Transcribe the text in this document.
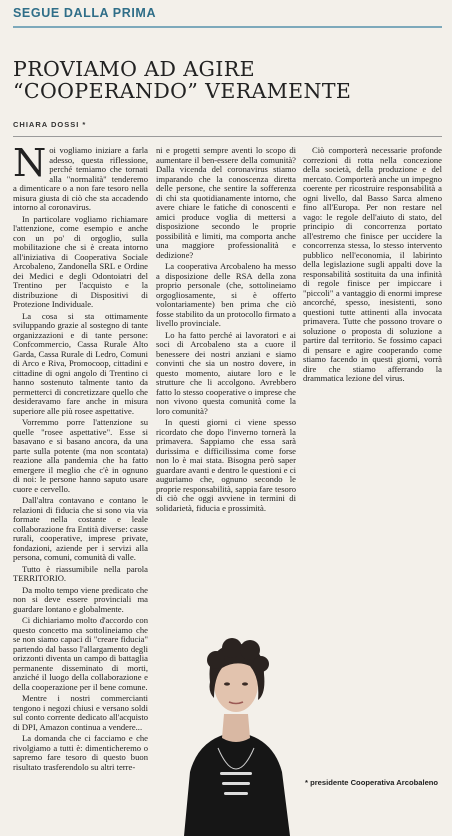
SEGUE DALLA PRIMA
PROVIAMO AD AGIRE
“COOPERANDO” VERAMENTE
CHIARA DOSSI *

Noi vogliamo iniziare a farla adesso, questa riflessione, perché temiamo che tornati alla "normalità" tenderemo a dimenticare o a non fare tesoro nella misura giusta di ciò che sta accadendo intorno al coronavirus.

In particolare vogliamo richiamare l'attenzione, come esempio e anche con un po' di orgoglio, sulla mobilitazione che si è creata intorno all'iniziativa di Cooperativa Sociale Arcobaleno, Zandonella SRL e Ordine dei Medici e degli Odontoiatri del Trentino per l'acquisto e la distribuzione di Dispositivi di Protezione Individuale.

La cosa si sta ottimamente sviluppando grazie al sostegno di tante organizzazioni e di tante persone: Confcommercio, Cassa Rurale Alto Garda, Cassa Rurale di Ledro, Comuni di Arco e Riva, Promocoop, cittadini e cittadine di ogni angolo di Trentino ci hanno sostenuto talmente tanto da permetterci di concretizzare quello che desideravamo fare anche in misura superiore alle più rosee aspettative.

Vorremmo porre l'attenzione su quelle "rosee aspettative". Esse si basavano e si basano ancora, da una parte sulla potente (ma non scontata) reazione alla pandemia che ha fatto emergere il meglio che c'è in ognuno di noi: le persone hanno saputo usare cuore e cervello.

Dall'altra contavano e contano le relazioni di fiducia che si sono via via formate nella costante e leale collaborazione fra Entità diverse: casse rurali, cooperative, imprese private, fondazioni, aziende per i servizi alla persona, comuni, comunità di valle.

Tutto è riassumibile nella parola TERRITORIO.

Da molto tempo viene predicato che non si deve essere provinciali ma guardare lontano e globalmente.

Ci dichiariamo molto d'accordo con questo concetto ma sottolineiamo che se non siamo capaci di "creare fiducia" partendo dal basso l'allargamento degli orizzonti diventa un campo di battaglia permanente disseminato di morti, anziché il luogo della collaborazione e della cooperazione per il bene comune.

Mentre i nostri commercianti tengono i negozi chiusi e versano soldi sul conto corrente dedicato all'acquisto di DPI, Amazon continua a vendere...

La domanda che ci facciamo e che rivolgiamo a tutti è: dimenticheremo o sapremo fare tesoro di questo buon risultato trasferendolo su altri terre-

ni e progetti sempre aventi lo scopo di aumentare il ben-essere della comunità? Dalla vicenda del coronavirus stiamo imparando che la conoscenza diretta delle persone, che sentire la sofferenza di chi sta quotidianamente intorno, che avere chiare le fatiche di conoscenti e amici produce voglia di mettersi a disposizione secondo le proprie possibilità e limiti, ma comporta anche una maggiore professionalità e dedizione?

La cooperativa Arcobaleno ha messo a disposizione delle RSA della zona proprio personale (che, sottolineiamo orgogliosamente, si è offerto volontariamente) ben prima che ciò fosse stabilito da un protocollo firmato a livello provinciale.

Lo ha fatto perché ai lavoratori e ai soci di Arcobaleno sta a cuore il benessere dei nostri anziani e siamo convinti che sia un nostro dovere, in questo momento, aiutare loro e le strutture che li accolgono. Avrebbero fatto lo stesso cooperative o imprese che non vivono questa comunità come la loro comunità?

In questi giorni ci viene spesso ricordato che dopo l'inverno tornerà la primavera. Sappiamo che essa sarà durissima e difficilissima come forse non lo è mai stata. Bisogna però saper guardare avanti e dentro le questioni e ci auguriamo che, ognuno secondo le proprie responsabilità, sappia fare tesoro di ciò che oggi avviene in termini di solidarietà, fiducia e prossimità.

Ciò comporterà necessarie profonde correzioni di rotta nella concezione della società, della produzione e del mercato. Comporterà anche un impegno coerente per ricostruire responsabilità a ogni livello, dal Basso Sarca almeno fino all'Europa. Per non restare nel vago: le regole dell'aiuto di stato, del principio di concorrenza portato all'estremo che finisce per uccidere la concorrenza stessa, lo stesso intervento pubblico nell'economia, il labirinto della legislazione sugli appalti dove la responsabilità sostituita da una infinità di regole finisce per impiccare i "piccoli" a vantaggio di enormi imprese ancorché, spesso, inesistenti, sono questioni tutte attinenti alla invocata primavera. Tutte che possono trovare o soluzione o proposta di soluzione a partire dal territorio. Se fossimo capaci di pensare e agire cooperando come stiamo facendo in questi giorni, vorrà dire che stiamo afferrando la drammatica lezione del virus.

* presidente Cooperativa Arcobaleno
